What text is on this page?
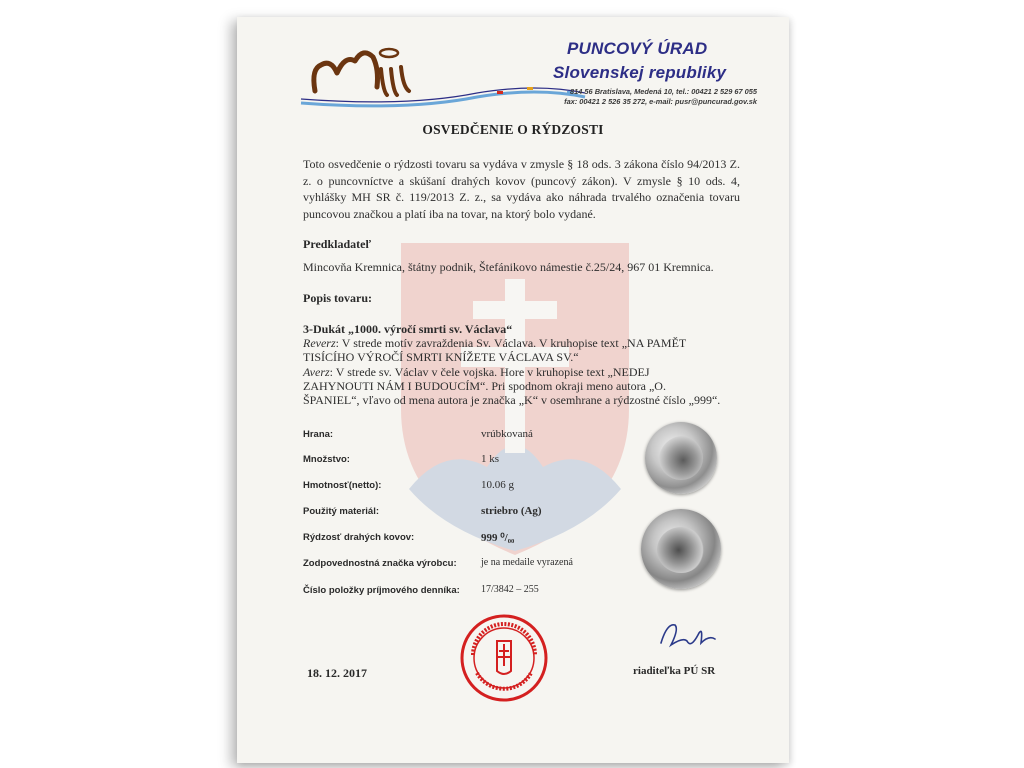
PUNCOVÝ ÚRAD
Slovenskej republiky
814 56 Bratislava, Medená 10, tel.: 00421 2 529 67 055
fax: 00421 2 526 35 272, e-mail: pusr@puncurad.gov.sk
OSVEDČENIE O RÝDZOSTI
Toto osvedčenie o rýdzosti tovaru sa vydáva v zmysle § 18 ods. 3 zákona číslo 94/2013 Z. z. o puncovníctve a skúšaní drahých kovov (puncový zákon). V zmysle § 10 ods. 4, vyhlášky MH SR č. 119/2013 Z. z., sa vydáva ako náhrada trvalého označenia tovaru puncovou značkou a platí iba na tovar, na ktorý bolo vydané.
Predkladateľ
Mincovňa Kremnica, štátny podnik, Štefánikovo námestie č.25/24, 967 01 Kremnica.
Popis tovaru:
3-Dukát „1000. výročí smrti sv. Václava“
Reverz: V strede motív zavraždenia Sv. Václava. V kruhopise text „NA PAMĚT
TISÍCÍHO VÝROČÍ SMRTI KNÍŽETE VÁCLAVA SV.“
Averz: V strede sv. Václav v čele vojska. Hore v kruhopise text „NEDEJ
ZAHYNOUTI NÁM I BUDOUCÍM“. Pri spodnom okraji meno autora „O.
ŠPANIEL“, vľavo od mena autora je značka „K“ v osemhrane a rýdzostné číslo „999“.
Hrana:	vrúbkovaná
Množstvo:	1 ks
Hmotnosť(netto):	10.06 g
Použitý materiál:	striebro (Ag)
Rýdzosť drahých kovov:	999 ⁰/₀₀
Zodpovednostná značka výrobcu: je na medaile vyrazená
Číslo položky príjmového denníka: 17/3842 – 255
18. 12. 2017	riaditeľka PÚ SR
